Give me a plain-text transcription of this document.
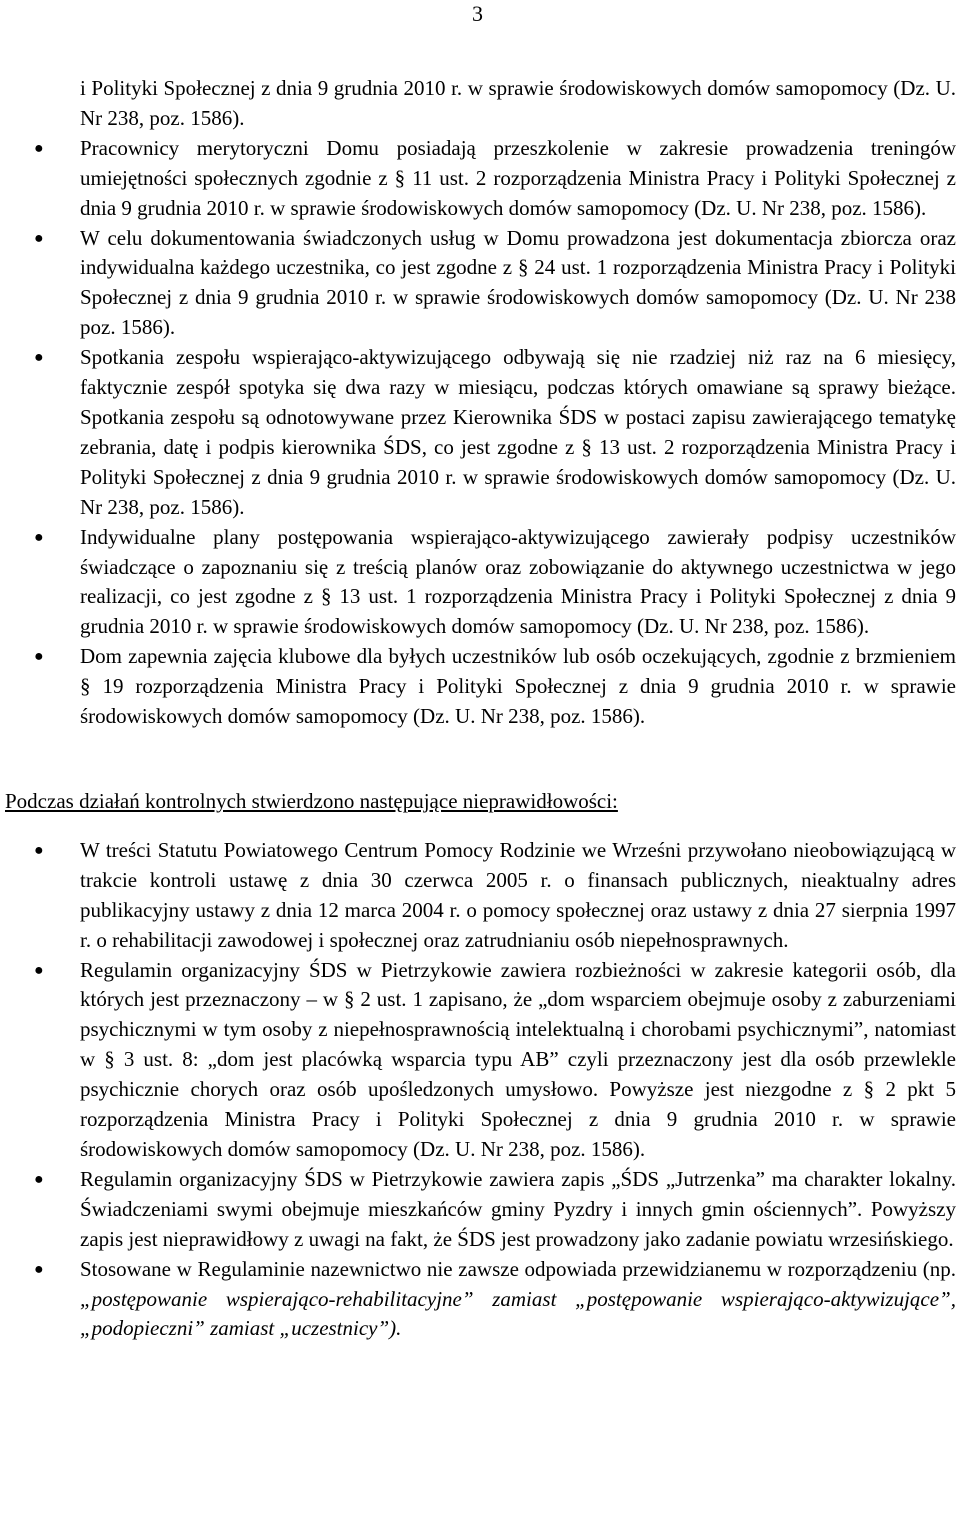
3
i Polityki Społecznej z dnia 9 grudnia 2010 r. w sprawie środowiskowych domów samopomocy (Dz. U. Nr 238, poz. 1586).
● Pracownicy merytoryczni Domu posiadają przeszkolenie w zakresie prowadzenia treningów umiejętności społecznych zgodnie z § 11 ust. 2 rozporządzenia Ministra Pracy i Polityki Społecznej z dnia 9 grudnia 2010 r. w sprawie środowiskowych domów samopomocy (Dz. U. Nr 238, poz. 1586).
● W celu dokumentowania świadczonych usług w Domu prowadzona jest dokumentacja zbiorcza oraz indywidualna każdego uczestnika, co jest zgodne z § 24 ust. 1 rozporządzenia Ministra Pracy i Polityki Społecznej z dnia 9 grudnia 2010 r. w sprawie środowiskowych domów samopomocy (Dz. U. Nr 238 poz. 1586).
● Spotkania zespołu wspierająco-aktywizującego odbywają się nie rzadziej niż raz na 6 miesięcy, faktycznie zespół spotyka się dwa razy w miesiącu, podczas których omawiane są sprawy bieżące. Spotkania zespołu są odnotowywane przez Kierownika ŚDS w postaci zapisu zawierającego tematykę zebrania, datę i podpis kierownika ŚDS, co jest zgodne z § 13 ust. 2 rozporządzenia Ministra Pracy i Polityki Społecznej z dnia 9 grudnia 2010 r. w sprawie środowiskowych domów samopomocy (Dz. U. Nr 238, poz. 1586).
● Indywidualne plany postępowania wspierająco-aktywizującego zawierały podpisy uczestników świadczące o zapoznaniu się z treścią planów oraz zobowiązanie do aktywnego uczestnictwa w jego realizacji, co jest zgodne z § 13 ust. 1 rozporządzenia Ministra Pracy i Polityki Społecznej z dnia 9 grudnia 2010 r. w sprawie środowiskowych domów samopomocy (Dz. U. Nr 238, poz. 1586).
● Dom zapewnia zajęcia klubowe dla byłych uczestników lub osób oczekujących, zgodnie z brzmieniem § 19 rozporządzenia Ministra Pracy i Polityki Społecznej z dnia 9 grudnia 2010 r. w sprawie środowiskowych domów samopomocy (Dz. U. Nr 238, poz. 1586).
Podczas działań kontrolnych stwierdzono następujące nieprawidłowości:
● W treści Statutu Powiatowego Centrum Pomocy Rodzinie we Wrześni przywołano nieobowiązującą w trakcie kontroli ustawę z dnia 30 czerwca 2005 r. o finansach publicznych, nieaktualny adres publikacyjny ustawy z dnia 12 marca 2004 r. o pomocy społecznej oraz ustawy z dnia 27 sierpnia 1997 r. o rehabilitacji zawodowej i społecznej oraz zatrudnianiu osób niepełnosprawnych.
● Regulamin organizacyjny ŚDS w Pietrzykowie zawiera rozbieżności w zakresie kategorii osób, dla których jest przeznaczony – w § 2 ust. 1 zapisano, że „dom wsparciem obejmuje osoby z zaburzeniami psychicznymi w tym osoby z niepełnosprawnością intelektualną i chorobami psychicznymi”, natomiast w § 3 ust. 8: „dom jest placówką wsparcia typu AB” czyli przeznaczony jest dla osób przewlekle psychicznie chorych oraz osób upośledzonych umysłowo. Powyższe jest niezgodne z § 2 pkt 5 rozporządzenia Ministra Pracy i Polityki Społecznej z dnia 9 grudnia 2010 r. w sprawie środowiskowych domów samopomocy (Dz. U. Nr 238, poz. 1586).
● Regulamin organizacyjny ŚDS w Pietrzykowie zawiera zapis „ŚDS „Jutrzenka” ma charakter lokalny. Świadczeniami swymi obejmuje mieszkańców gminy Pyzdry i innych gmin ościennych”. Powyższy zapis jest nieprawidłowy z uwagi na fakt, że ŚDS jest prowadzony jako zadanie powiatu wrzesińskiego.
● Stosowane w Regulaminie nazewnictwo nie zawsze odpowiada przewidzianemu w rozporządzeniu (np. „postępowanie wspierająco-rehabilitacyjne” zamiast „postępowanie wspierająco-aktywizujące”, „podopieczni” zamiast „uczestnicy”).
